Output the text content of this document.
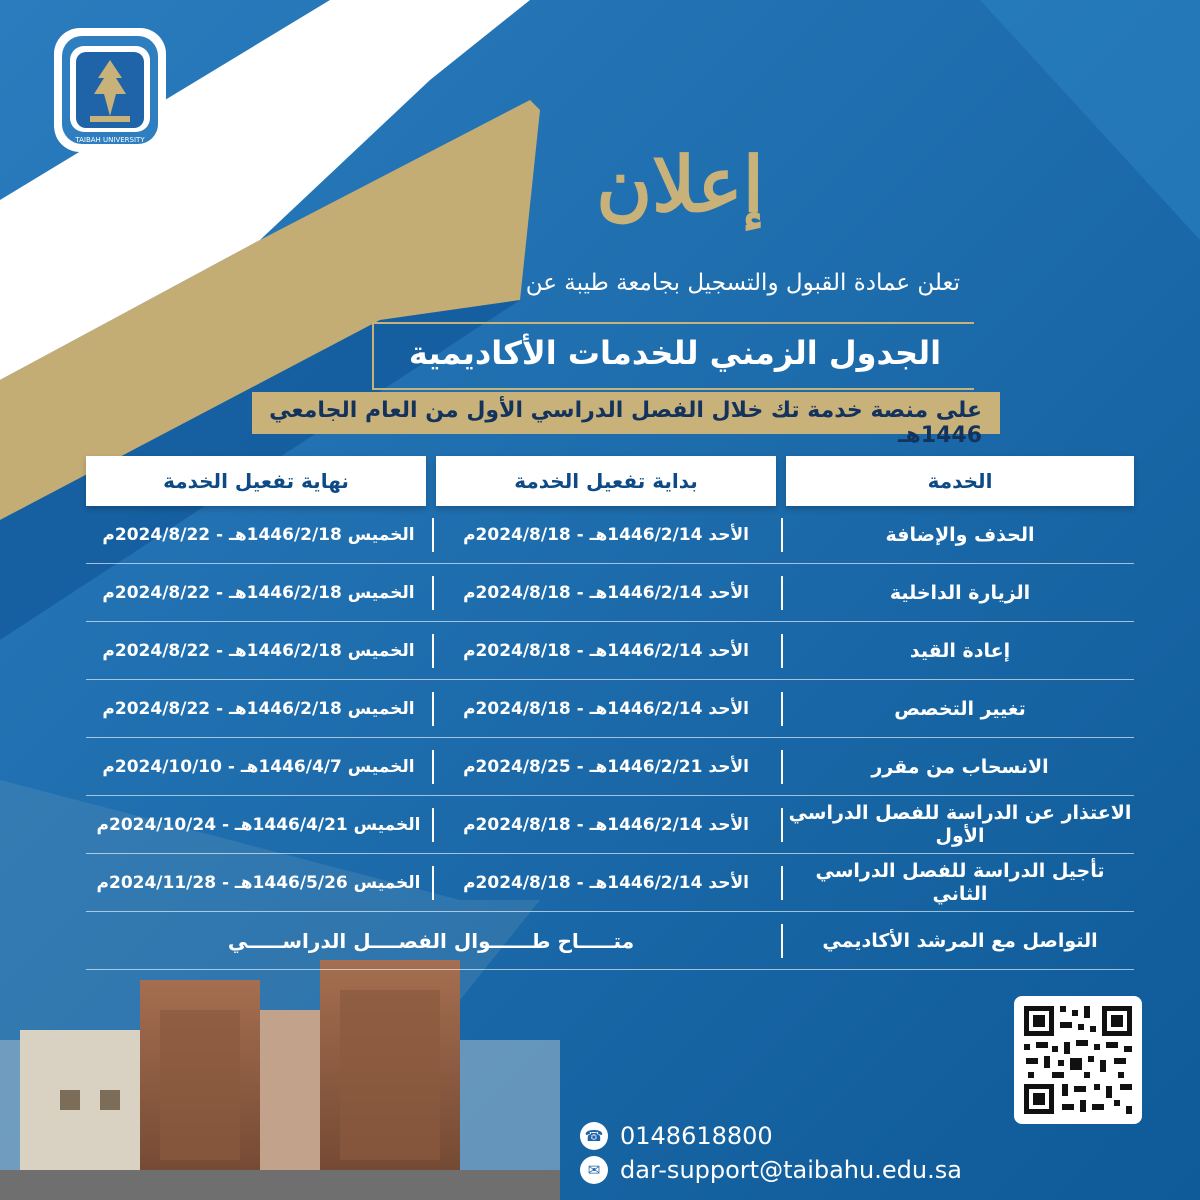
TAIBAH UNIVERSITY
جامعة طيبة
Taibah University
إعلان
تعلن عمادة القبول والتسجيل بجامعة طيبة عن
الجدول الزمني للخدمات الأكاديمية
على منصة خدمة تك خلال الفصل الدراسي الأول من العام الجامعي 1446هـ
الخدمة
بداية تفعيل الخدمة
نهاية تفعيل الخدمة
الحذف والإضافة
الأحد 1446/2/14هـ - 2024/8/18م
الخميس 1446/2/18هـ - 2024/8/22م
الزيارة الداخلية
الأحد 1446/2/14هـ - 2024/8/18م
الخميس 1446/2/18هـ - 2024/8/22م
إعادة القيد
الأحد 1446/2/14هـ - 2024/8/18م
الخميس 1446/2/18هـ - 2024/8/22م
تغيير التخصص
الأحد 1446/2/14هـ - 2024/8/18م
الخميس 1446/2/18هـ - 2024/8/22م
الانسحاب من مقرر
الأحد 1446/2/21هـ - 2024/8/25م
الخميس 1446/4/7هـ - 2024/10/10م
الاعتذار عن الدراسة للفصل الدراسي الأول
الأحد 1446/2/14هـ - 2024/8/18م
الخميس 1446/4/21هـ - 2024/10/24م
تأجيل الدراسة للفصل الدراسي الثاني
الأحد 1446/2/14هـ - 2024/8/18م
الخميس 1446/5/26هـ - 2024/11/28م
التواصل مع المرشد الأكاديمي
متـــــاح طــــــوال الفصــــل الدراســـــي
☎ 0148618800
✉ dar-support@taibahu.edu.sa
